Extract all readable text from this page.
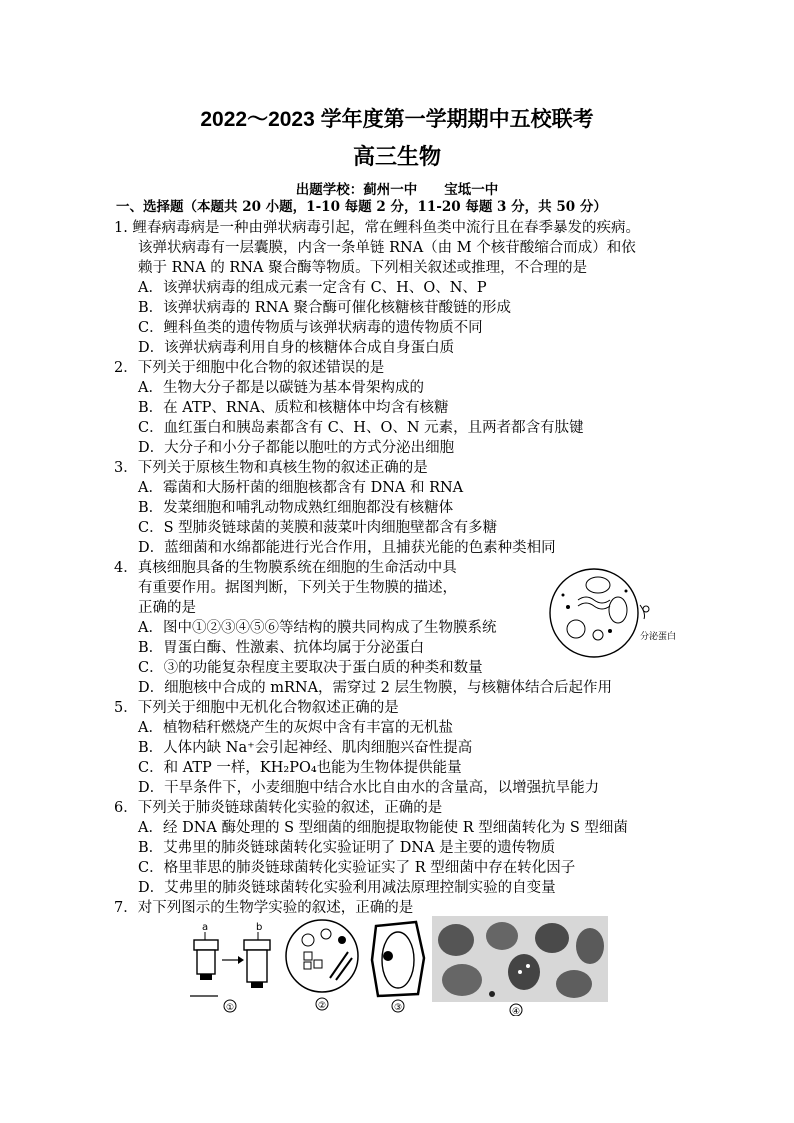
2022～2023 学年度第一学期期中五校联考
高三生物
出题学校：蓟州一中　　宝坻一中
一、选择题（本题共 20 小题，1-10 每题 2 分，11-20 每题 3 分，共 50 分）
1. 鲤春病毒病是一种由弹状病毒引起，常在鲤科鱼类中流行且在春季暴发的疾病。
该弹状病毒有一层囊膜，内含一条单链 RNA（由 M 个核苷酸缩合而成）和依
赖于 RNA 的 RNA 聚合酶等物质。下列相关叙述或推理，不合理的是
A．该弹状病毒的组成元素一定含有 C、H、O、N、P
B．该弹状病毒的 RNA 聚合酶可催化核糖核苷酸链的形成
C．鲤科鱼类的遗传物质与该弹状病毒的遗传物质不同
D．该弹状病毒利用自身的核糖体合成自身蛋白质
2．下列关于细胞中化合物的叙述错误的是
A．生物大分子都是以碳链为基本骨架构成的
B．在 ATP、RNA、质粒和核糖体中均含有核糖
C．血红蛋白和胰岛素都含有 C、H、O、N 元素，且两者都含有肽键
D．大分子和小分子都能以胞吐的方式分泌出细胞
3．下列关于原核生物和真核生物的叙述正确的是
A．霉菌和大肠杆菌的细胞核都含有 DNA 和 RNA
B．发菜细胞和哺乳动物成熟红细胞都没有核糖体
C．S 型肺炎链球菌的荚膜和菠菜叶肉细胞壁都含有多糖
D．蓝细菌和水绵都能进行光合作用，且捕获光能的色素种类相同
4．真核细胞具备的生物膜系统在细胞的生命活动中具
有重要作用。据图判断，下列关于生物膜的描述，
正确的是
A．图中①②③④⑤⑥等结构的膜共同构成了生物膜系统
B．胃蛋白酶、性激素、抗体均属于分泌蛋白
C．③的功能复杂程度主要取决于蛋白质的种类和数量
D．细胞核中合成的 mRNA，需穿过 2 层生物膜，与核糖体结合后起作用
分泌蛋白
5．下列关于细胞中无机化合物叙述正确的是
A．植物秸秆燃烧产生的灰烬中含有丰富的无机盐
B．人体内缺 Na⁺会引起神经、肌肉细胞兴奋性提高
C．和 ATP 一样，KH₂PO₄也能为生物体提供能量
D．干旱条件下，小麦细胞中结合水比自由水的含量高，以增强抗旱能力
6．下列关于肺炎链球菌转化实验的叙述，正确的是
A．经 DNA 酶处理的 S 型细菌的细胞提取物能使 R 型细菌转化为 S 型细菌
B．艾弗里的肺炎链球菌转化实验证明了 DNA 是主要的遗传物质
C．格里菲思的肺炎链球菌转化实验证实了 R 型细菌中存在转化因子
D．艾弗里的肺炎链球菌转化实验利用减法原理控制实验的自变量
7．对下列图示的生物学实验的叙述，正确的是
a	b
①	②	③	④
